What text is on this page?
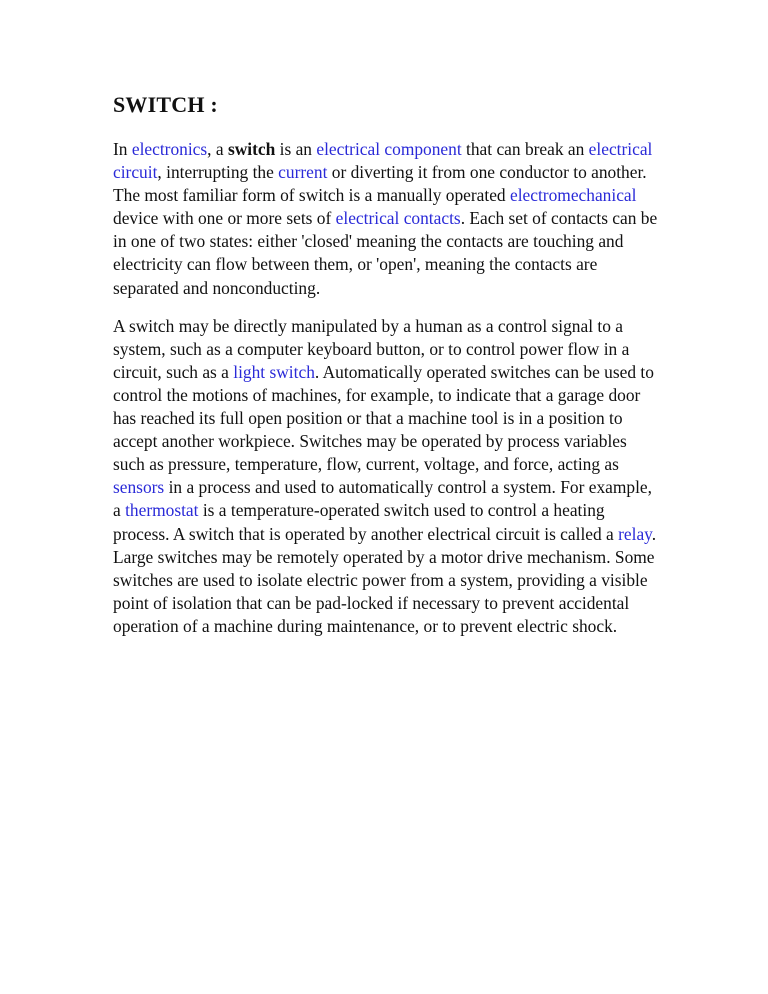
SWITCH :

In electronics, a switch is an electrical component that can break an electrical circuit, interrupting the current or diverting it from one conductor to another. The most familiar form of switch is a manually operated electromechanical device with one or more sets of electrical contacts. Each set of contacts can be in one of two states: either 'closed' meaning the contacts are touching and electricity can flow between them, or 'open', meaning the contacts are separated and nonconducting.

A switch may be directly manipulated by a human as a control signal to a system, such as a computer keyboard button, or to control power flow in a circuit, such as a light switch. Automatically operated switches can be used to control the motions of machines, for example, to indicate that a garage door has reached its full open position or that a machine tool is in a position to accept another workpiece. Switches may be operated by process variables such as pressure, temperature, flow, current, voltage, and force, acting as sensors in a process and used to automatically control a system. For example, a thermostat is a temperature-operated switch used to control a heating process. A switch that is operated by another electrical circuit is called a relay. Large switches may be remotely operated by a motor drive mechanism. Some switches are used to isolate electric power from a system, providing a visible point of isolation that can be pad-locked if necessary to prevent accidental operation of a machine during maintenance, or to prevent electric shock.
